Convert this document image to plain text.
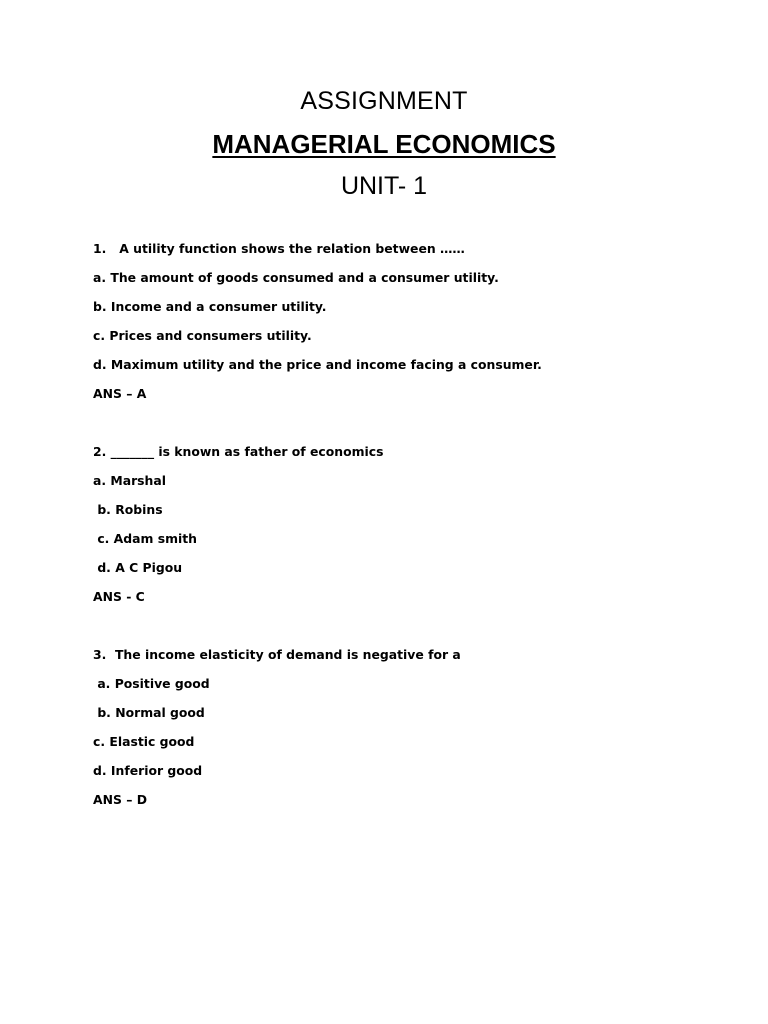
ASSIGNMENT
MANAGERIAL ECONOMICS
UNIT- 1
1.   A utility function shows the relation between ……
a. The amount of goods consumed and a consumer utility.
b. Income and a consumer utility.
c. Prices and consumers utility.
d. Maximum utility and the price and income facing a consumer.
ANS – A
2. _______ is known as father of economics
a. Marshal
b. Robins
c. Adam smith
d. A C Pigou
ANS - C
3.  The income elasticity of demand is negative for a
a. Positive good
b. Normal good
c. Elastic good
d. Inferior good
ANS – D
